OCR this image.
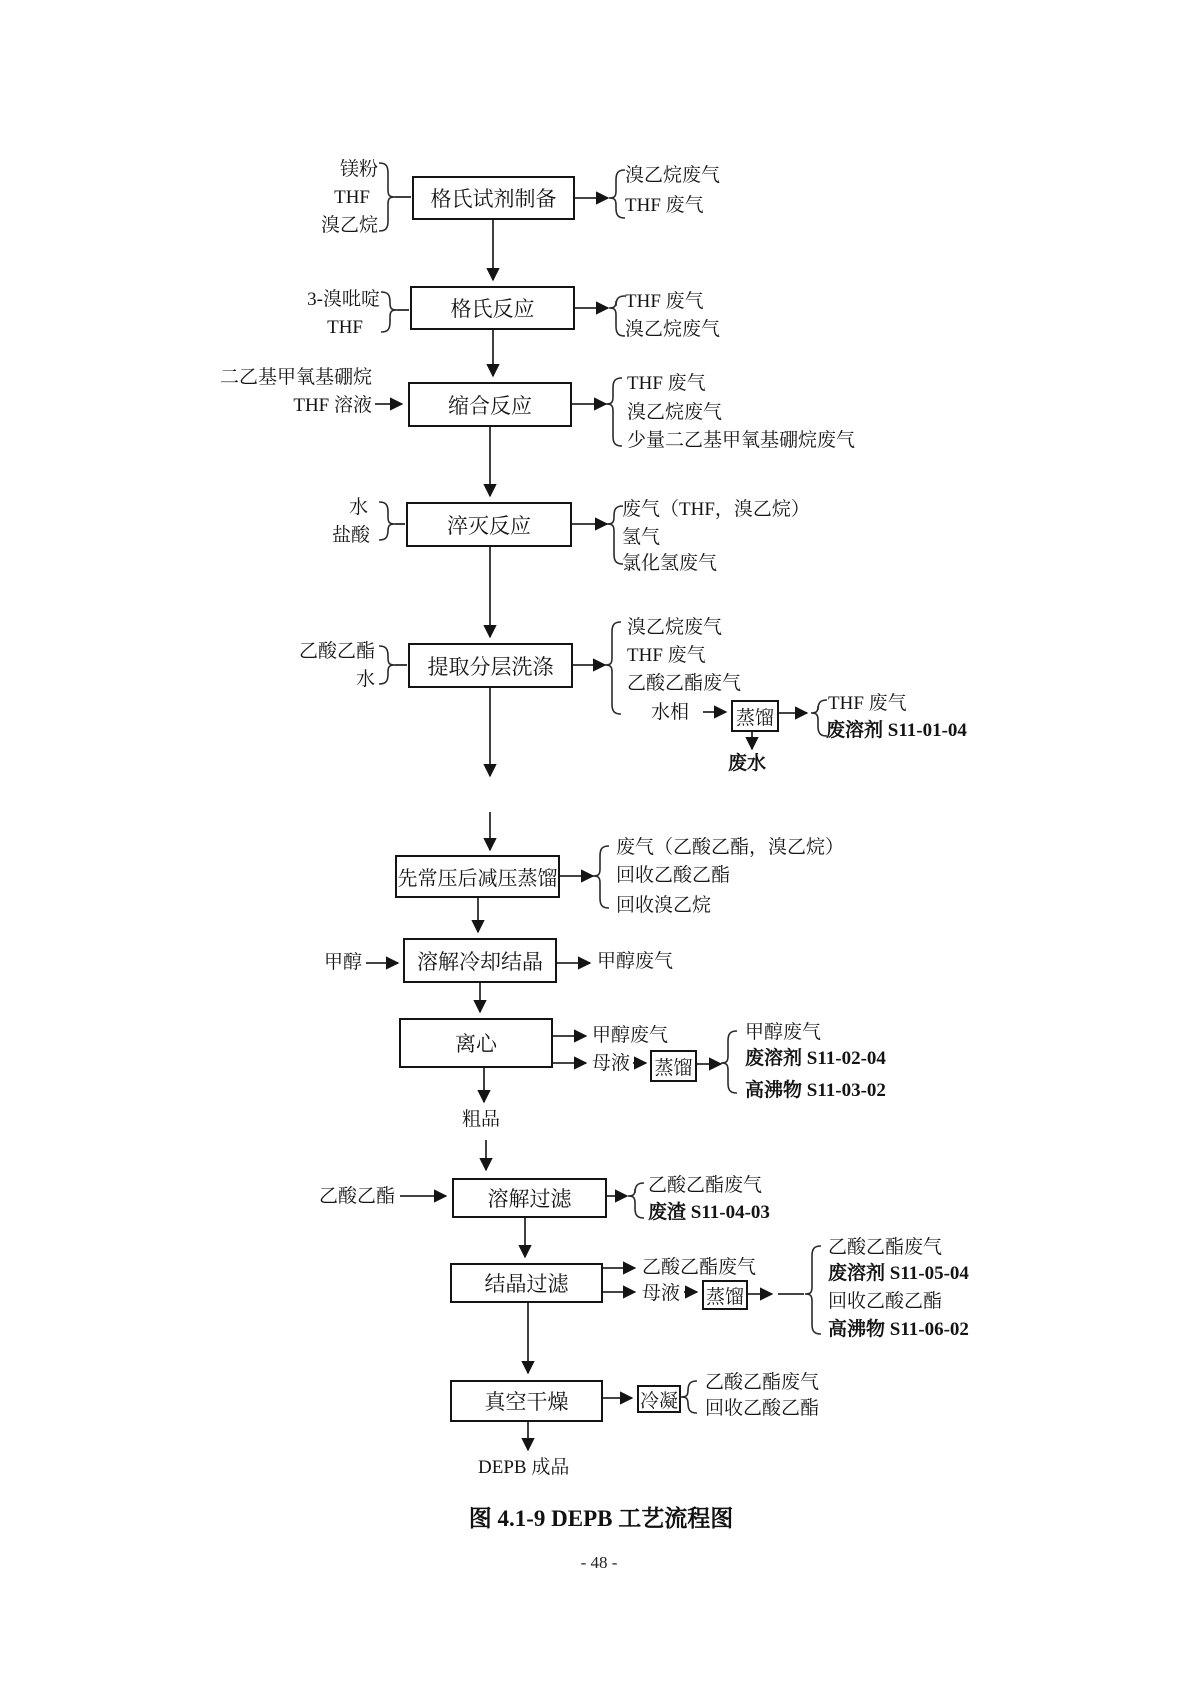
格氏试剂制备
格氏反应
缩合反应
淬灭反应
提取分层洗涤
先常压后减压蒸馏
溶解冷却结晶
离心
溶解过滤
结晶过滤
真空干燥
蒸馏
蒸馏
蒸馏
冷凝
镁粉
THF
溴乙烷
3-溴吡啶
THF
二乙基甲氧基硼烷
THF 溶液
水
盐酸
乙酸乙酯
水
甲醇
乙酸乙酯
溴乙烷废气
THF 废气
THF 废气
溴乙烷废气
THF 废气
溴乙烷废气
少量二乙基甲氧基硼烷废气
废气（THF，溴乙烷）
氢气
氯化氢废气
溴乙烷废气
THF 废气
乙酸乙酯废气
水相	THF 废气
废溶剂 S11-01-04
废水
废气（乙酸乙酯，溴乙烷）
回收乙酸乙酯
回收溴乙烷
甲醇废气
甲醇废气
母液
甲醇废气
废溶剂 S11-02-04
高沸物 S11-03-02
粗品
乙酸乙酯废气
废渣 S11-04-03
乙酸乙酯废气
母液
乙酸乙酯废气
废溶剂 S11-05-04
回收乙酸乙酯
高沸物 S11-06-02
乙酸乙酯废气
回收乙酸乙酯
DEPB 成品
图 4.1-9 DEPB 工艺流程图
- 48 -
